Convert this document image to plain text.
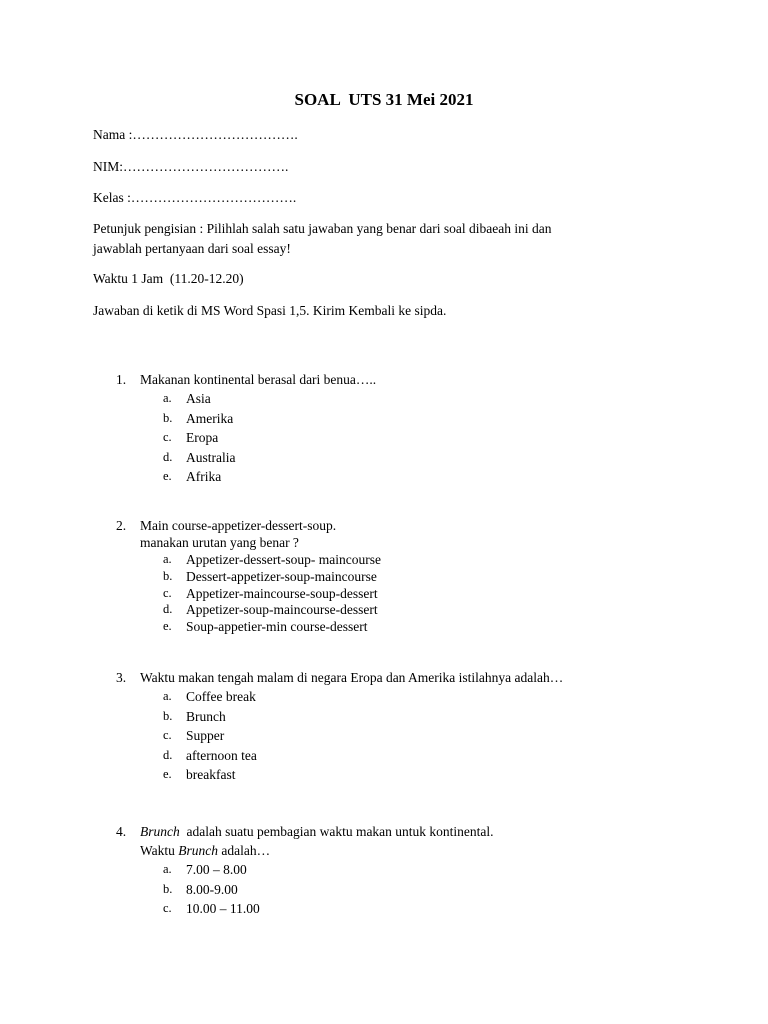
SOAL  UTS 31 Mei 2021
Nama :……………………………….
NIM:……………………………….
Kelas :……………………………….
Petunjuk pengisian : Pilihlah salah satu jawaban yang benar dari soal dibaeah ini dan
jawablah pertanyaan dari soal essay!
Waktu 1 Jam  (11.20-12.20)
Jawaban di ketik di MS Word Spasi 1,5. Kirim Kembali ke sipda.
1. Makanan kontinental berasal dari benua…..
a. Asia
b. Amerika
c. Eropa
d. Australia
e. Afrika
2. Main course-appetizer-dessert-soup.
manakan urutan yang benar ?
a. Appetizer-dessert-soup- maincourse
b. Dessert-appetizer-soup-maincourse
c. Appetizer-maincourse-soup-dessert
d. Appetizer-soup-maincourse-dessert
e. Soup-appetier-min course-dessert
3. Waktu makan tengah malam di negara Eropa dan Amerika istilahnya adalah…
a. Coffee break
b. Brunch
c. Supper
d. afternoon tea
e. breakfast
4. Brunch  adalah suatu pembagian waktu makan untuk kontinental.
Waktu Brunch adalah…
a. 7.00 – 8.00
b. 8.00-9.00
c. 10.00 – 11.00
